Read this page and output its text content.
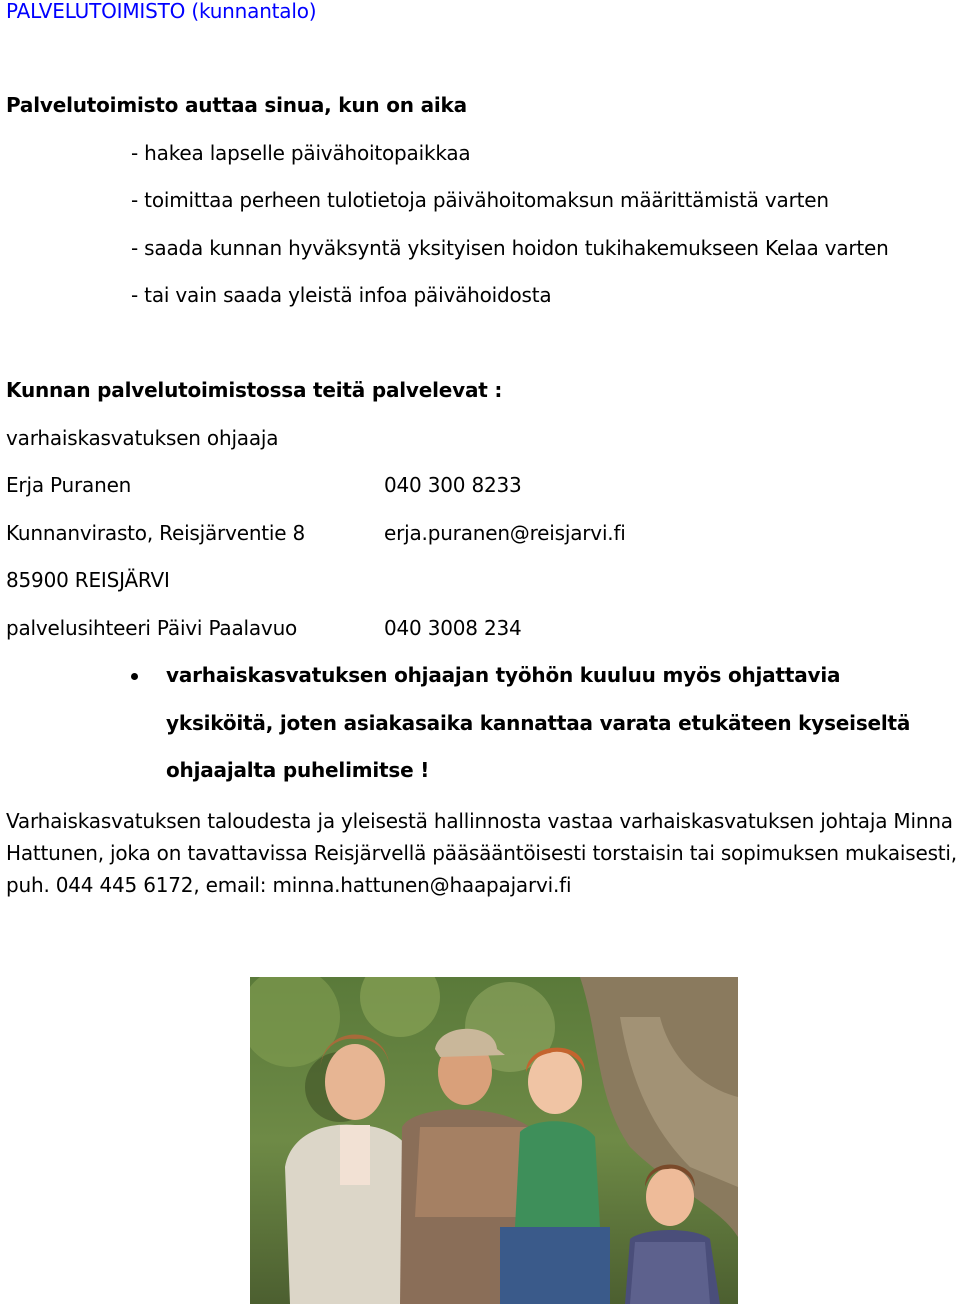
PALVELUTOIMISTO (kunnantalo)
Palvelutoimisto auttaa sinua, kun on aika
- hakea lapselle päivähoitopaikkaa
- toimittaa perheen tulotietoja päivähoitomaksun määrittämistä varten
- saada kunnan hyväksyntä yksityisen hoidon tukihakemukseen Kelaa varten
- tai vain saada yleistä infoa päivähoidosta
Kunnan palvelutoimistossa teitä palvelevat :
varhaiskasvatuksen ohjaaja
Erja Puranen	040 300 8233
Kunnanvirasto, Reisjärventie 8	erja.puranen@reisjarvi.fi
85900 REISJÄRVI
palvelusihteeri Päivi Paalavuo	040 3008 234
varhaiskasvatuksen ohjaajan työhön kuuluu myös ohjattavia
yksiköitä, joten asiakasaika kannattaa varata etukäteen kyseiseltä
ohjaajalta puhelimitse !
Varhaiskasvatuksen taloudesta ja yleisestä hallinnosta vastaa varhaiskasvatuksen johtaja Minna
Hattunen, joka on tavattavissa Reisjärvellä pääsääntöisesti torstaisin tai sopimuksen mukaisesti,
puh. 044 445 6172, email: minna.hattunen@haapajarvi.fi
